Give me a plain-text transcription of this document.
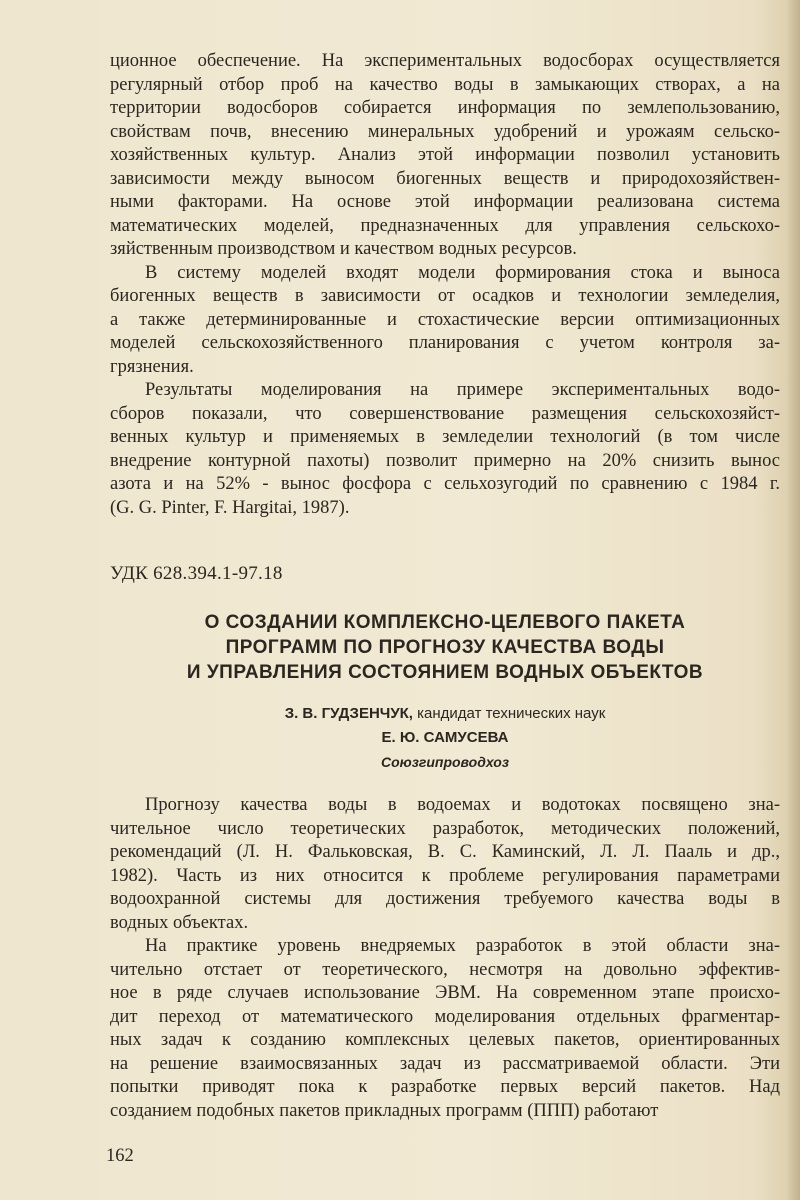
ционное обеспечение. На экспериментальных водосборах осуществляется

регулярный отбор проб на качество воды в замыкающих створах, а на

территории водосборов собирается информация по землепользованию,

свойствам почв, внесению минеральных удобрений и урожаям сельско-

хозяйственных культур. Анализ этой информации позволил установить

зависимости между выносом биогенных веществ и природохозяйствен-

ными факторами. На основе этой информации реализована система

математических моделей, предназначенных для управления сельскохо-

зяйственным производством и качеством водных ресурсов.

В систему моделей входят модели формирования стока и выноса

биогенных веществ в зависимости от осадков и технологии земледелия,

а также детерминированные и стохастические версии оптимизационных

моделей сельскохозяйственного планирования с учетом контроля за-

грязнения.

Результаты моделирования на примере экспериментальных водо-

сборов показали, что совершенствование размещения сельскохозяйст-

венных культур и применяемых в земледелии технологий (в том числе

внедрение контурной пахоты) позволит примерно на 20% снизить вынос

азота и на 52% - вынос фосфора с сельхозугодий по сравнению с 1984 г.

(G. G. Pinter, F. Hargitai, 1987).

УДК 628.394.1-97.18
О СОЗДАНИИ КОМПЛЕКСНО-ЦЕЛЕВОГО ПАКЕТА
ПРОГРАММ ПО ПРОГНОЗУ КАЧЕСТВА ВОДЫ
И УПРАВЛЕНИЯ СОСТОЯНИЕМ ВОДНЫХ ОБЪЕКТОВ
З. В. ГУДЗЕНЧУК, кандидат технических наук
Е. Ю. САМУСЕВА
Союзгипроводхоз

Прогнозу качества воды в водоемах и водотоках посвящено зна-

чительное число теоретических разработок, методических положений,

рекомендаций (Л. Н. Фальковская, В. С. Каминский, Л. Л. Пааль и др.,

1982). Часть из них относится к проблеме регулирования параметрами

водоохранной системы для достижения требуемого качества воды в

водных объектах.

На практике уровень внедряемых разработок в этой области зна-

чительно отстает от теоретического, несмотря на довольно эффектив-

ное в ряде случаев использование ЭВМ. На современном этапе происхо-

дит переход от математического моделирования отдельных фрагментар-

ных задач к созданию комплексных целевых пакетов, ориентированных

на решение взаимосвязанных задач из рассматриваемой области. Эти

попытки приводят пока к разработке первых версий пакетов. Над

созданием подобных пакетов прикладных программ (ППП) работают

162
